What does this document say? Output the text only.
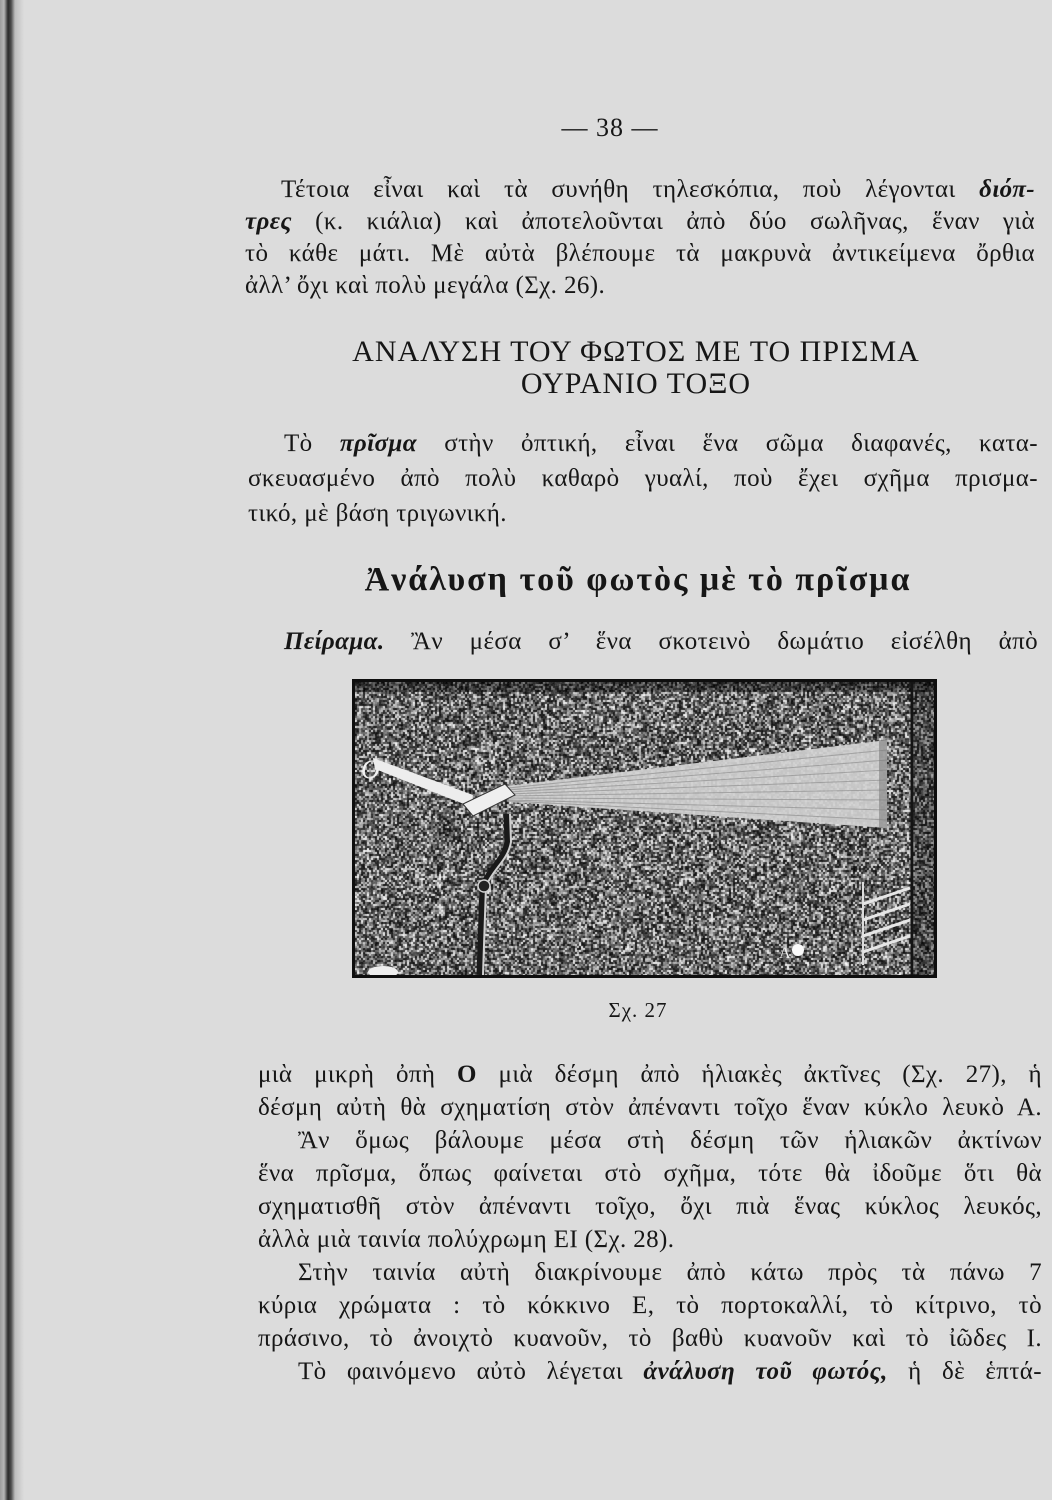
— 38 —
Τέτοια εἶναι καὶ τὰ συνήθη τηλεσκόπια, ποὺ λέγονται διόπ-
τρες (κ. κιάλια) καὶ ἀποτελοῦνται ἀπὸ δύο σωλῆνας, ἕναν γιὰ
τὸ κάθε μάτι. Μὲ αὐτὰ βλέπουμε τὰ μακρυνὰ ἀντικείμενα ὄρθια
ἀλλ’ ὄχι καὶ πολὺ μεγάλα (Σχ. 26).
ΑΝΑΛΥΣΗ ΤΟΥ ΦΩΤΟΣ ΜΕ ΤΟ ΠΡΙΣΜΑ
ΟΥΡΑΝΙΟ ΤΟΞΟ
Τὸ πρῖσμα στὴν ὀπτική, εἶναι ἕνα σῶμα διαφανές, κατα-
σκευασμένο ἀπὸ πολὺ καθαρὸ γυαλί, ποὺ ἔχει σχῆμα πρισμα-
τικό, μὲ βάση τριγωνική.
Ἀνάλυση τοῦ φωτὸς μὲ τὸ πρῖσμα
Πείραμα. Ἂν μέσα σ’ ἕνα σκοτεινὸ δωμάτιο εἰσέλθη ἀπὸ
Ο
Α
Σχ. 27
μιὰ μικρὴ ὀπὴ Ο μιὰ δέσμη ἀπὸ ἡλιακὲς ἀκτῖνες (Σχ. 27), ἡ
δέσμη αὐτὴ θὰ σχηματίση στὸν ἀπέναντι τοῖχο ἕναν κύκλο λευκὸ Α.
Ἂν ὅμως βάλουμε μέσα στὴ δέσμη τῶν ἡλιακῶν ἀκτίνων
ἕνα πρῖσμα, ὅπως φαίνεται στὸ σχῆμα, τότε θὰ ἰδοῦμε ὅτι θὰ
σχηματισθῆ στὸν ἀπέναντι τοῖχο, ὄχι πιὰ ἕνας κύκλος λευκός,
ἀλλὰ μιὰ ταινία πολύχρωμη ΕΙ (Σχ. 28).
Στὴν ταινία αὐτὴ διακρίνουμε ἀπὸ κάτω πρὸς τὰ πάνω 7
κύρια χρώματα : τὸ κόκκινο Ε, τὸ πορτοκαλλί, τὸ κίτρινο, τὸ
πράσινο, τὸ ἀνοιχτὸ κυανοῦν, τὸ βαθὺ κυανοῦν καὶ τὸ ἰῶδες Ι.
Τὸ φαινόμενο αὐτὸ λέγεται ἀνάλυση τοῦ φωτός, ἡ δὲ ἑπτά-
